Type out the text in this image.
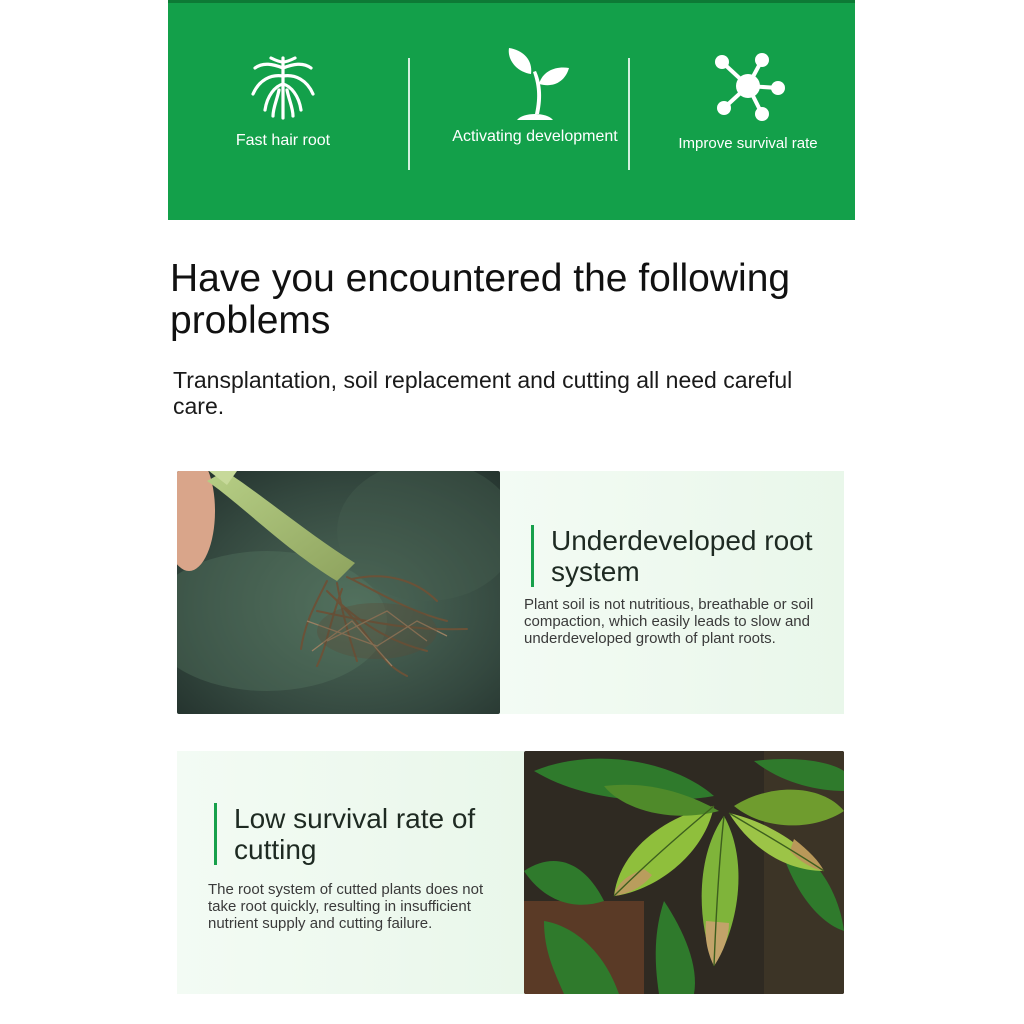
Fast hair root	Activating development	Improve survival rate
Have you encountered the following problems
Transplantation, soil replacement and cutting all need careful care.
Underdeveloped root system
Plant soil is not nutritious, breathable or soil compaction, which easily leads to slow and underdeveloped growth of plant roots.
Low survival rate of cutting
The root system of cutted plants does not take root quickly, resulting in insufficient nutrient supply and cutting failure.
